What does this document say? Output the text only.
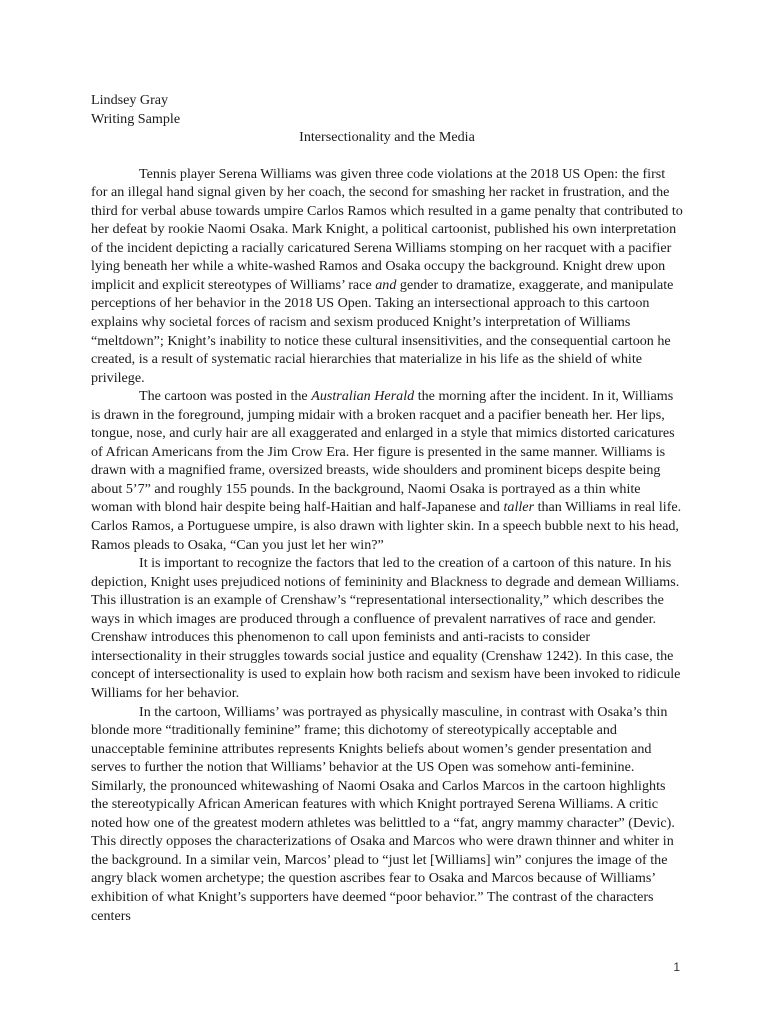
Lindsey Gray
Writing Sample
Intersectionality and the Media

Tennis player Serena Williams was given three code violations at the 2018 US Open: the first for an illegal hand signal given by her coach, the second for smashing her racket in frustration, and the third for verbal abuse towards umpire Carlos Ramos which resulted in a game penalty that contributed to her defeat by rookie Naomi Osaka. Mark Knight, a political cartoonist, published his own interpretation of the incident depicting a racially caricatured Serena Williams stomping on her racquet with a pacifier lying beneath her while a white-washed Ramos and Osaka occupy the background. Knight drew upon implicit and explicit stereotypes of Williams’ race and gender to dramatize, exaggerate, and manipulate perceptions of her behavior in the 2018 US Open. Taking an intersectional approach to this cartoon explains why societal forces of racism and sexism produced Knight’s interpretation of Williams “meltdown”; Knight’s inability to notice these cultural insensitivities, and the consequential cartoon he created, is a result of systematic racial hierarchies that materialize in his life as the shield of white privilege.

The cartoon was posted in the Australian Herald the morning after the incident. In it, Williams is drawn in the foreground, jumping midair with a broken racquet and a pacifier beneath her. Her lips, tongue, nose, and curly hair are all exaggerated and enlarged in a style that mimics distorted caricatures of African Americans from the Jim Crow Era. Her figure is presented in the same manner. Williams is drawn with a magnified frame, oversized breasts, wide shoulders and prominent biceps despite being about 5’7” and roughly 155 pounds. In the background, Naomi Osaka is portrayed as a thin white woman with blond hair despite being half-Haitian and half-Japanese and taller than Williams in real life. Carlos Ramos, a Portuguese umpire, is also drawn with lighter skin. In a speech bubble next to his head, Ramos pleads to Osaka, “Can you just let her win?”

It is important to recognize the factors that led to the creation of a cartoon of this nature. In his depiction, Knight uses prejudiced notions of femininity and Blackness to degrade and demean Williams. This illustration is an example of Crenshaw’s “representational intersectionality,” which describes the ways in which images are produced through a confluence of prevalent narratives of race and gender. Crenshaw introduces this phenomenon to call upon feminists and anti-racists to consider intersectionality in their struggles towards social justice and equality (Crenshaw 1242). In this case, the concept of intersectionality is used to explain how both racism and sexism have been invoked to ridicule Williams for her behavior.

In the cartoon, Williams’ was portrayed as physically masculine, in contrast with Osaka’s thin blonde more “traditionally feminine” frame; this dichotomy of stereotypically acceptable and unacceptable feminine attributes represents Knights beliefs about women’s gender presentation and serves to further the notion that Williams’ behavior at the US Open was somehow anti-feminine. Similarly, the pronounced whitewashing of Naomi Osaka and Carlos Marcos in the cartoon highlights the stereotypically African American features with which Knight portrayed Serena Williams. A critic noted how one of the greatest modern athletes was belittled to a “fat, angry mammy character” (Devic). This directly opposes the characterizations of Osaka and Marcos who were drawn thinner and whiter in the background. In a similar vein, Marcos’ plead to “just let [Williams] win” conjures the image of the angry black women archetype; the question ascribes fear to Osaka and Marcos because of Williams’ exhibition of what Knight’s supporters have deemed “poor behavior.” The contrast of the characters centers

1
